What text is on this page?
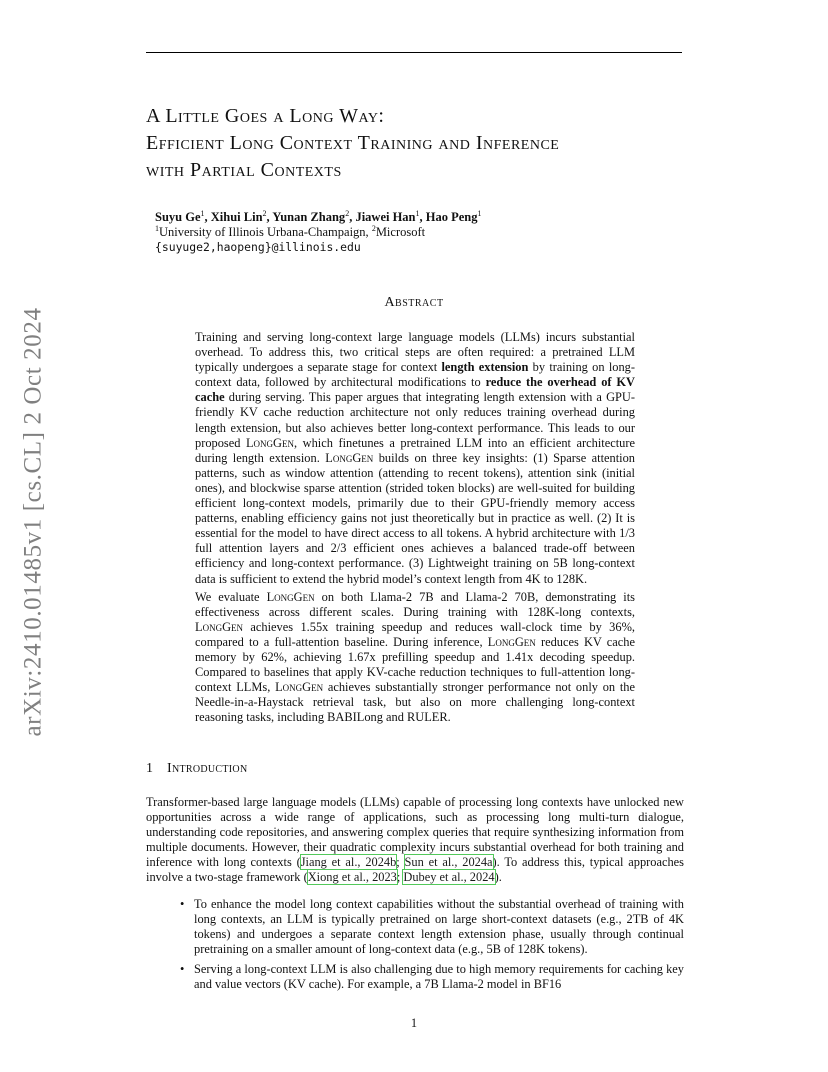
arXiv:2410.01485v1 [cs.CL] 2 Oct 2024
A Little Goes a Long Way:
Efficient Long Context Training and Inference
with Partial Contexts
Suyu Ge$^1$, Xihui Lin$^2$, Yunan Zhang$^2$, Jiawei Han$^1$, Hao Peng$^1$
$^1$University of Illinois Urbana-Champaign, $^2$Microsoft
{suyuge2,haopeng}@illinois.edu
Abstract

Training and serving long-context large language models (LLMs) incurs substantial overhead. To address this, two critical steps are often required: a pretrained LLM typically undergoes a separate stage for context length extension by training on long-context data, followed by architectural modifications to reduce the overhead of KV cache during serving. This paper argues that integrating length extension with a GPU-friendly KV cache reduction architecture not only reduces training overhead during length extension, but also achieves better long-context performance. This leads to our proposed LongGen, which finetunes a pretrained LLM into an efficient architecture during length extension. LongGen builds on three key insights: (1) Sparse attention patterns, such as window attention (attending to recent tokens), attention sink (initial ones), and blockwise sparse attention (strided token blocks) are well-suited for building efficient long-context models, primarily due to their GPU-friendly memory access patterns, enabling efficiency gains not just theoretically but in practice as well. (2) It is essential for the model to have direct access to all tokens. A hybrid architecture with 1/3 full attention layers and 2/3 efficient ones achieves a balanced trade-off between efficiency and long-context performance. (3) Lightweight training on 5B long-context data is sufficient to extend the hybrid model’s context length from 4K to 128K.

We evaluate LongGen on both Llama-2 7B and Llama-2 70B, demonstrating its effectiveness across different scales. During training with 128K-long contexts, LongGen achieves 1.55x training speedup and reduces wall-clock time by 36%, compared to a full-attention baseline. During inference, LongGen reduces KV cache memory by 62%, achieving 1.67x prefilling speedup and 1.41x decoding speedup. Compared to baselines that apply KV-cache reduction techniques to full-attention long-context LLMs, LongGen achieves substantially stronger performance not only on the Needle-in-a-Haystack retrieval task, but also on more challenging long-context reasoning tasks, including BABILong and RULER.

1 Introduction

Transformer-based large language models (LLMs) capable of processing long contexts have unlocked new opportunities across a wide range of applications, such as processing long multi-turn dialogue, understanding code repositories, and answering complex queries that require synthesizing information from multiple documents. However, their quadratic complexity incurs substantial overhead for both training and inference with long contexts (Jiang et al., 2024b; Sun et al., 2024a). To address this, typical approaches involve a two-stage framework (Xiong et al., 2023; Dubey et al., 2024).

• To enhance the model long context capabilities without the substantial overhead of training with long contexts, an LLM is typically pretrained on large short-context datasets (e.g., 2TB of 4K tokens) and undergoes a separate context length extension phase, usually through continual pretraining on a smaller amount of long-context data (e.g., 5B of 128K tokens).
• Serving a long-context LLM is also challenging due to high memory requirements for caching key and value vectors (KV cache). For example, a 7B Llama-2 model in BF16
1
